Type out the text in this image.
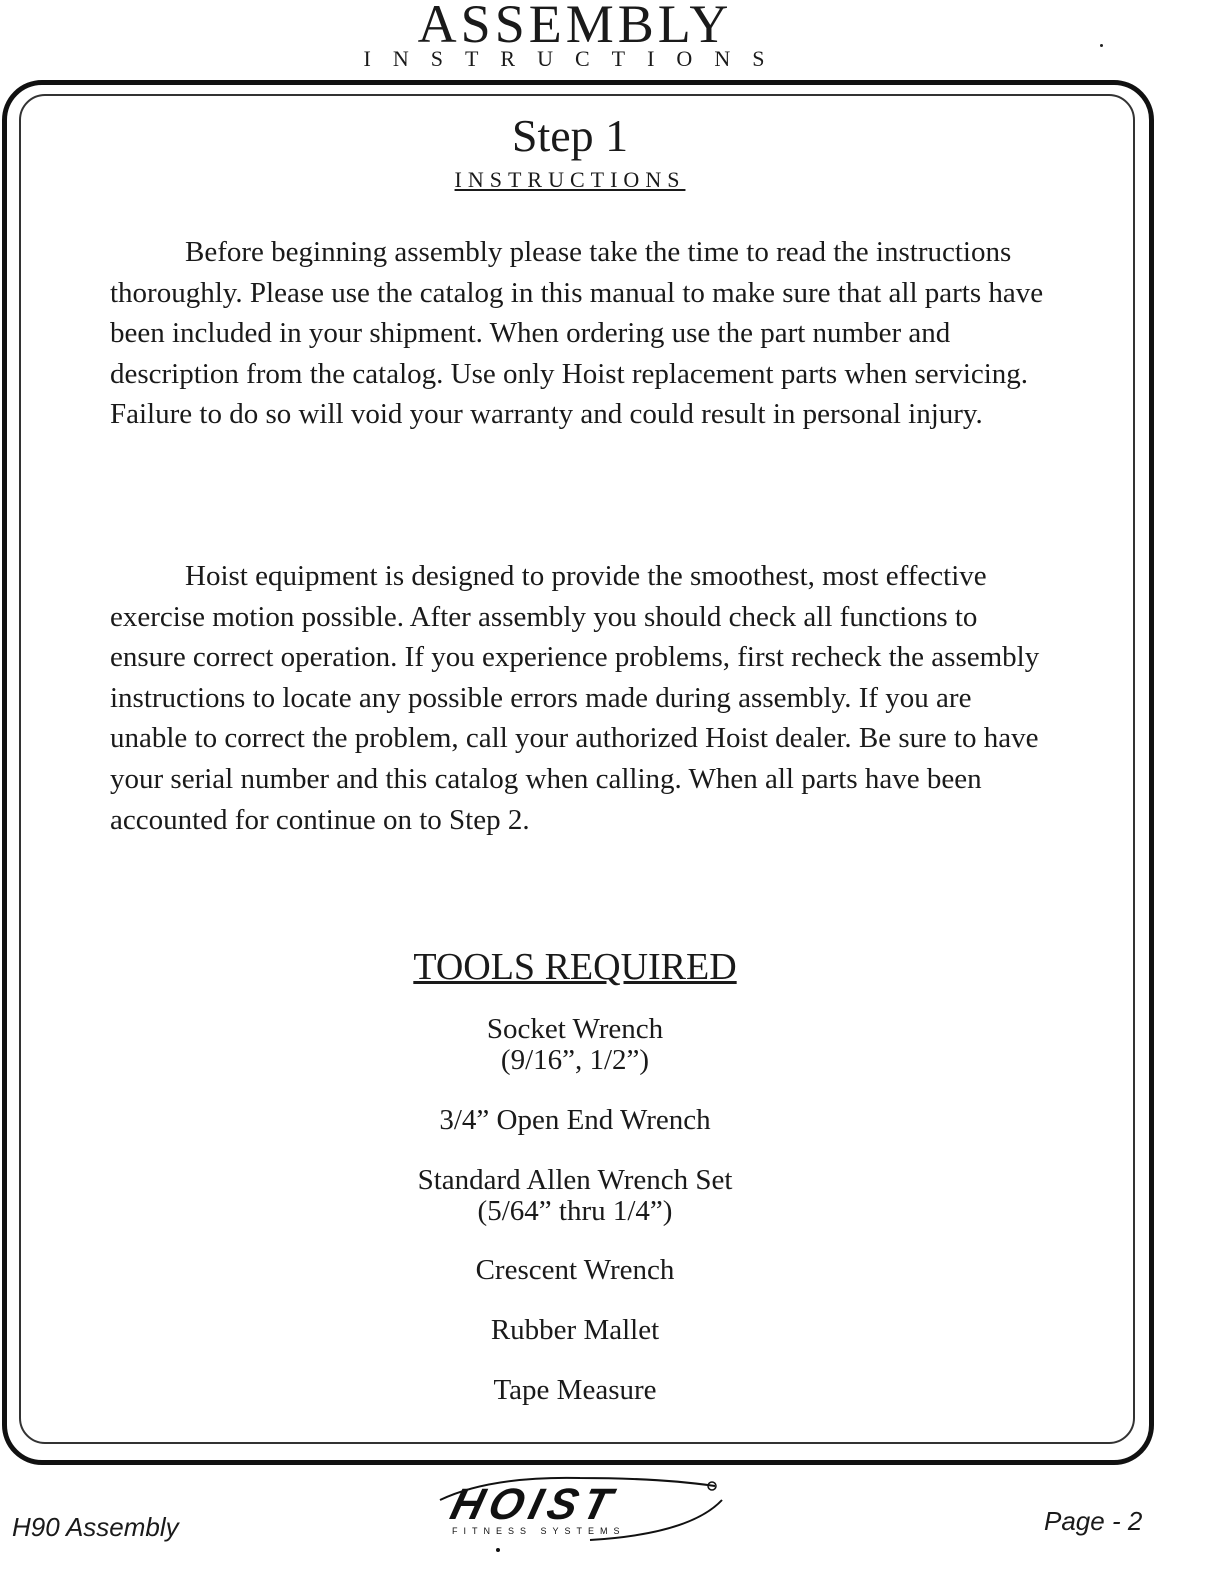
ASSEMBLY
INSTRUCTIONS
Step 1
INSTRUCTIONS

Before beginning assembly please take the time to read the instructions thoroughly. Please use the catalog in this manual to make sure that all parts have been included in your shipment. When ordering use the part number and description from the catalog. Use only Hoist replacement parts when servicing. Failure to do so will void your warranty and could result in personal injury.

Hoist equipment is designed to provide the smoothest, most effective exercise motion possible. After assembly you should check all functions to ensure correct operation. If you experience problems, first recheck the assembly instructions to locate any possible errors made during assembly. If you are unable to correct the problem, call your authorized Hoist dealer. Be sure to have your serial number and this catalog when calling. When all parts have been accounted for continue on to Step 2.

TOOLS REQUIRED
Socket Wrench
(9/16”, 1/2”)
3/4” Open End Wrench
Standard Allen Wrench Set
(5/64” thru 1/4”)
Crescent Wrench
Rubber Mallet
Tape Measure
H90 Assembly	HOIST
FITNESS SYSTEMS	Page - 2
